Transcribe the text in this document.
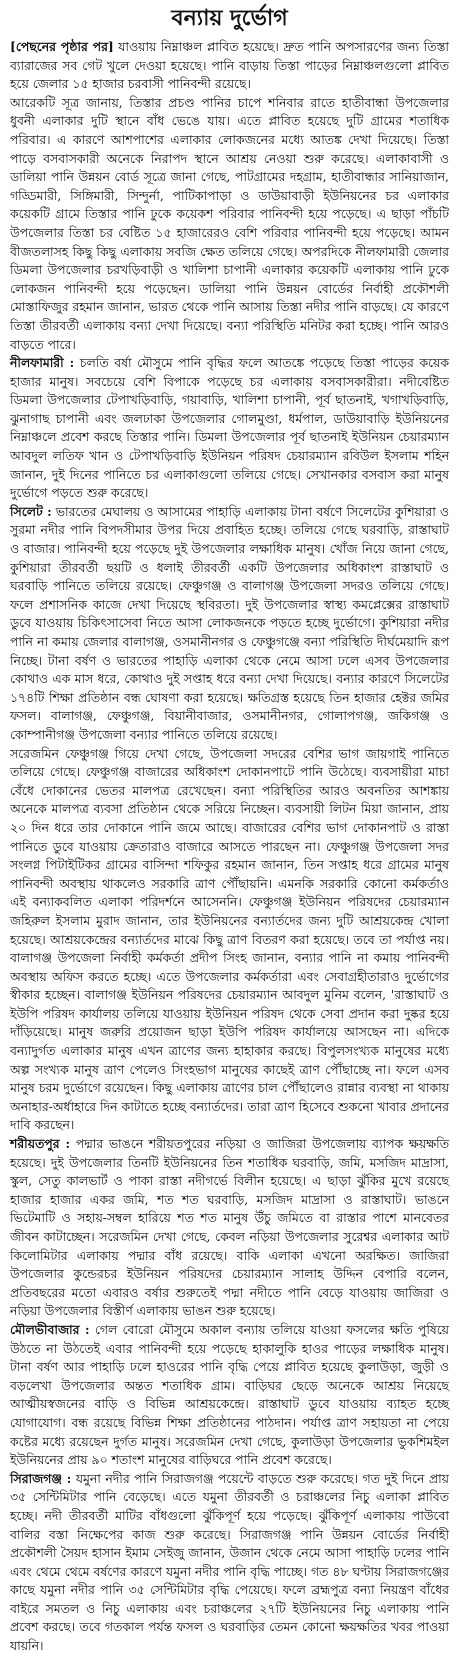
বন্যায় দুর্ভোগ

[পেছনের পৃষ্ঠার পর] যাওয়ায় নিম্নাঞ্চল প্লাবিত হয়েছে। দ্রুত পানি অপসারণের জন্য তিস্তা ব্যারাজের সব গেট খুলে দেওয়া হয়েছে। পানি বাড়ায় তিস্তা পাড়ের নিম্নাঞ্চলগুলো প্লাবিত হয়ে জেলার ১৫ হাজার চরবাসী পানিবন্দী রয়েছে।

আরেকটি সূত্র জানায়, তিস্তার প্রচণ্ড পানির চাপে শনিবার রাতে হাতীবান্ধা উপজেলার ধুবনী এলাকার দুটি স্থানে বাঁধ ভেঙে যায়। এতে প্লাবিত হয়েছে দুটি গ্রামের শতাধিক পরিবার। এ কারণে আশপাশের এলাকার লোকজনের মধ্যে আতঙ্ক দেখা দিয়েছে। তিস্তা পাড়ে বসবাসকারী অনেকে নিরাপদ স্থানে আশ্রয় নেওয়া শুরু করেছে। এলাকাবাসী ও ডালিয়া পানি উন্নয়ন বোর্ড সূত্রে জানা গেছে, পাটগ্রামের দহগ্রাম, হাতীবান্ধার সানিয়াজান, গড্ডিমারী, সিঙ্গিমারী, সিন্দুর্না, পাটিকাপাড়া ও ডাউয়াবাড়ী ইউনিয়নের চর এলাকার কয়েকটি গ্রামে তিস্তার পানি ঢুকে কয়েকশ পরিবার পানিবন্দী হয়ে পড়েছে। এ ছাড়া পাঁচটি উপজেলার তিস্তা চর বেষ্টিত ১৫ হাজারেরও বেশি পরিবার পানিবন্দী হয়ে পড়েছে। আমন বীজতলাসহ কিছু কিছু এলাকায় সবজি ক্ষেত তলিয়ে গেছে। অপরদিকে নীলফামারী জেলার ডিমলা উপজেলার চরখড়িবাড়ী ও খালিশা চাপানী এলাকার কয়েকটি এলাকায় পানি ঢুকে লোকজন পানিবন্দী হয়ে পড়েছেন। ডালিয়া পানি উন্নয়ন বোর্ডের নির্বাহী প্রকৌশলী মোস্তাফিজুর রহমান জানান, ভারত থেকে পানি আসায় তিস্তা নদীর পানি বাড়ছে। যে কারণে তিস্তা তীরবর্তী এলাকায় বন্যা দেখা দিয়েছে। বন্যা পরিস্থিতি মনিটর করা হচ্ছে। পানি আরও বাড়তে পারে।

নীলফামারী : চলতি বর্ষা মৌসুমে পানি বৃদ্ধির ফলে আতঙ্কে পড়েছে তিস্তা পাড়ের কয়েক হাজার মানুষ। সবচেয়ে বেশি বিপাকে পড়েছে চর এলাকায় বসবাসকারীরা। নদীবেষ্টিত ডিমলা উপজেলার টেপাখড়িবাড়ি, গয়াবাড়ি, খালিশা চাপানী, পূর্ব ছাতনাই, খগাখড়িবাড়ি, ঝুনাগাছ চাপানী এবং জলঢাকা উপজেলার গোলমুণ্ডা, ধর্মপাল, ডাউয়াবাড়ি ইউনিয়নের নিম্নাঞ্চলে প্রবেশ করছে তিস্তার পানি। ডিমলা উপজেলার পূর্ব ছাতনাই ইউনিয়ন চেয়ারম্যান আবদুল লতিফ খান ও টেপাখড়িবাড়ি ইউনিয়ন পরিষদ চেয়ারম্যান রবিউল ইসলাম শহিন জানান, দুই দিনের পানিতে চর এলাকাগুলো তলিয়ে গেছে। সেখানকার বসবাস করা মানুষ দুর্ভোগে পড়তে শুরু করেছে।

সিলেট : ভারতের মেঘালয় ও আসামের পাহাড়ি এলাকায় টানা বর্ষণে সিলেটের কুশিয়ারা ও সুরমা নদীর পানি বিপদসীমার উপর দিয়ে প্রবাহিত হচ্ছে। তলিয়ে গেছে ঘরবাড়ি, রাস্তাঘাট ও বাজার। পানিবন্দী হয়ে পড়েছে দুই উপজেলার লক্ষাধিক মানুষ। খোঁজ নিয়ে জানা গেছে, কুশিয়ারা তীরবর্তী ছয়টি ও ধলাই তীরবর্তী একটি উপজেলার অধিকাংশ রাস্তাঘাট ও ঘরবাড়ি পানিতে তলিয়ে রয়েছে। ফেঞ্চুগঞ্জ ও বালাগঞ্জ উপজেলা সদরও তলিয়ে গেছে। ফলে প্রশাসনিক কাজে দেখা দিয়েছে স্থবিরতা। দুই উপজেলার স্বাস্থ্য কমপ্লেক্সের রাস্তাঘাট ডুবে যাওয়ায় চিকিৎসাসেবা নিতে আসা লোকজনকে পড়তে হচ্ছে দুর্ভোগে। কুশিয়ারা নদীর পানি না কমায় জেলার বালাগঞ্জ, ওসমানীনগর ও ফেঞ্চুগঞ্জে বন্যা পরিস্থিতি দীর্ঘমেয়াদি রূপ নিচ্ছে। টানা বর্ষণ ও ভারতের পাহাড়ি এলাকা থেকে নেমে আসা ঢলে এসব উপজেলার কোথাও এক মাস ধরে, কোথাও দুই সপ্তাহ ধরে বন্যা দেখা দিয়েছে। বন্যার কারণে সিলেটের ১৭৪টি শিক্ষা প্রতিষ্ঠান বন্ধ ঘোষণা করা হয়েছে। ক্ষতিগ্রস্ত হয়েছে তিন হাজার হেক্টর জমির ফসল। বালাগঞ্জ, ফেঞ্চুগঞ্জ, বিয়ানীবাজার, ওসমানীনগর, গোলাপগঞ্জ, জকিগঞ্জ ও কোম্পানীগঞ্জ উপজেলা বন্যার পানিতে তলিয়ে রয়েছে।

সরেজমিন ফেঞ্চুগঞ্জ গিয়ে দেখা গেছে, উপজেলা সদরের বেশির ভাগ জায়গাই পানিতে তলিয়ে গেছে। ফেঞ্চুগঞ্জ বাজারের অধিকাংশ দোকানপাটে পানি উঠেছে। ব্যবসায়ীরা মাচা বেঁধে দোকানের ভেতর মালপত্র রেখেছেন। বন্যা পরিস্থিতির আরও অবনতির আশঙ্কায় অনেকে মালপত্র ব্যবসা প্রতিষ্ঠান থেকে সরিয়ে নিচ্ছেন। ব্যবসায়ী লিটন মিয়া জানান, প্রায় ২০ দিন ধরে তার দোকানে পানি জমে আছে। বাজারের বেশির ভাগ দোকানপাট ও রাস্তা পানিতে ডুবে যাওয়ায় ক্রেতারাও বাজারে আসতে পারছেন না। ফেঞ্চুগঞ্জ উপজেলা সদর সংলগ্ন পিটাইটিকর গ্রামের বাসিন্দা শফিকুর রহমান জানান, তিন সপ্তাহ ধরে গ্রামের মানুষ পানিবন্দী অবস্থায় থাকলেও সরকারি ত্রাণ পৌঁছায়নি। এমনকি সরকারি কোনো কর্মকর্তাও এই বন্যাকবলিত এলাকা পরিদর্শনে আসেননি। ফেঞ্চুগঞ্জ ইউনিয়ন পরিষদের চেয়ারম্যান জহিরুল ইসলাম মুরাদ জানান, তার ইউনিয়নের বন্যার্তদের জন্য দুটি আশ্রয়কেন্দ্র খোলা হয়েছে। আশ্রয়কেন্দ্রের বন্যার্তদের মাঝে কিছু ত্রাণ বিতরণ করা হয়েছে। তবে তা পর্যাপ্ত নয়। বালাগঞ্জ উপজেলা নির্বাহী কর্মকর্তা প্রদীপ সিংহ জানান, বন্যার পানি না কমায় পানিবন্দী অবস্থায় অফিস করতে হচ্ছে। এতে উপজেলার কর্মকর্তারা এবং সেবাগ্রহীতারাও দুর্ভোগের স্বীকার হচ্ছেন। বালাগঞ্জ ইউনিয়ন পরিষদের চেয়ারম্যান আবদুল মুনিম বলেন, 'রাস্তাঘাট ও ইউপি পরিষদ কার্যালয় তলিয়ে যাওয়ায় ইউনিয়ন পরিষদ থেকে সেবা প্রদান করা দুষ্কর হয়ে দাঁড়িয়েছে। মানুষ জরুরি প্রয়োজন ছাড়া ইউপি পরিষদ কার্যালয়ে আসছেন না। এদিকে বন্যাদুর্গত এলাকার মানুষ এখন ত্রাণের জন্য হাহাকার করছে। বিপুলসংখ্যক মানুষের মধ্যে অল্প সংখ্যক মানুষ ত্রাণ পেলেও সিংহভাগ মানুষের কাছেই ত্রাণ পৌঁছাচ্ছে না। ফলে এসব মানুষ চরম দুর্ভোগে রয়েছেন। কিছু এলাকায় ত্রাণের চাল পৌঁছালেও রান্নার ব্যবস্থা না থাকায় অনাহার-অর্ধাহারে দিন কাটাতে হচ্ছে বন্যার্তদের। তারা ত্রাণ হিসেবে শুকনো খাবার প্রদানের দাবি করছেন।

শরীয়তপুর : পদ্মার ভাঙনে শরীয়তপুরের নড়িয়া ও জাজিরা উপজেলায় ব্যাপক ক্ষয়ক্ষতি হয়েছে। দুই উপজেলার তিনটি ইউনিয়নের তিন শতাধিক ঘরবাড়ি, জমি, মসজিদ মাদ্রাসা, স্কুল, সেতু কালভার্ট ও পাকা রাস্তা নদীগর্ভে বিলীন হয়েছে। এ ছাড়া ঝুঁকির মুখে রয়েছে হাজার হাজার একর জমি, শত শত ঘরবাড়ি, মসজিদ মাদ্রাসা ও রাস্তাঘাট। ভাঙনে ভিটেমাটি ও সহায়-সম্বল হারিয়ে শত শত মানুষ উঁচু জমিতে বা রাস্তার পাশে মানবেতর জীবন কাটাচ্ছেন। সরেজমিন দেখা গেছে, কেবল নড়িয়া উপজেলার সুরেশ্বর এলাকার আট কিলোমিটার এলাকায় পদ্মার বাঁধ রয়েছে। বাকি এলাকা এখনো অরক্ষিত। জাজিরা উপজেলার কুন্ডেরচর ইউনিয়ন পরিষদের চেয়ারম্যান সালাহ উদ্দিন বেপারি বলেন, প্রতিবছরের মতো এবারও বর্ষার শুরুতেই পদ্মা নদীতে পানি বেড়ে যাওয়ায় জাজিরা ও নড়িয়া উপজেলার বিস্তীর্ণ এলাকায় ভাঙন শুরু হয়েছে।

মৌলভীবাজার : গেল বোরো মৌসুমে অকাল বন্যায় তলিয়ে যাওয়া ফসলের ক্ষতি পুষিয়ে উঠতে না উঠতেই এবার পানিবন্দী হয়ে পড়েছে হাকালুকি হাওর পাড়ের লক্ষাধিক মানুষ। টানা বর্ষণ আর পাহাড়ি ঢলে হাওরের পানি বৃদ্ধি পেয়ে প্লাবিত হয়েছে কুলাউড়া, জুড়ী ও বড়লেখা উপজেলার অন্তত শতাধিক গ্রাম। বাড়িঘর ছেড়ে অনেকে আশ্রয় নিয়েছে আত্মীয়স্বজনের বাড়ি ও বিভিন্ন আশ্রয়কেন্দ্রে। রাস্তাঘাট ডুবে যাওয়ায় ব্যাহত হচ্ছে যোগাযোগ। বন্ধ রয়েছে বিভিন্ন শিক্ষা প্রতিষ্ঠানের পাঠদান। পর্যাপ্ত ত্রাণ সহায়তা না পেয়ে কষ্টের মধ্যে রয়েছেন দুর্গত মানুষ। সরেজমিন দেখা গেছে, কুলাউড়া উপজেলার ভুকশিমইল ইউনিয়নের প্রায় ৯০ শতাংশ মানুষের বাড়িঘরে পানি প্রবেশ করেছে।

সিরাজগঞ্জ : যমুনা নদীর পানি সিরাজগঞ্জ পয়েন্টে বাড়তে শুরু করেছে। গত দুই দিনে প্রায় ৩৫ সেন্টিমিটার পানি বেড়েছে। এতে যমুনা তীরবর্তী ও চরাঞ্চলের নিচু এলাকা প্লাবিত হচ্ছে। নদী তীরবর্তী মাটির বাঁধগুলো ঝুঁকিপূর্ণ হয়ে পড়েছে। ঝুঁকিপূর্ণ এলাকায় পাউবো বালির বস্তা নিক্ষেপের কাজ শুরু করেছে। সিরাজগঞ্জ পানি উন্নয়ন বোর্ডের নির্বাহী প্রকৌশলী সৈয়দ হাসান ইমাম সেইজু জানান, উজান থেকে নেমে আসা পাহাড়ি ঢলের পানি এবং থেমে থেমে বর্ষণের কারণে যমুনা নদীর পানি বৃদ্ধি পাচ্ছে। গত ৪৮ ঘণ্টায় সিরাজগঞ্জের কাছে যমুনা নদীর পানি ৩৫ সেন্টিমিটার বৃদ্ধি পেয়েছে। ফলে ব্রহ্মপুত্র বন্যা নিয়ন্ত্রণ বাঁধের বাইরে সমতল ও নিচু এলাকায় এবং চরাঞ্চলের ২৭টি ইউনিয়নের নিচু এলাকায় পানি প্রবেশ করছে। তবে গতকাল পর্যন্ত ফসল ও ঘরবাড়ির তেমন কোনো ক্ষয়ক্ষতির খবর পাওয়া যায়নি।
